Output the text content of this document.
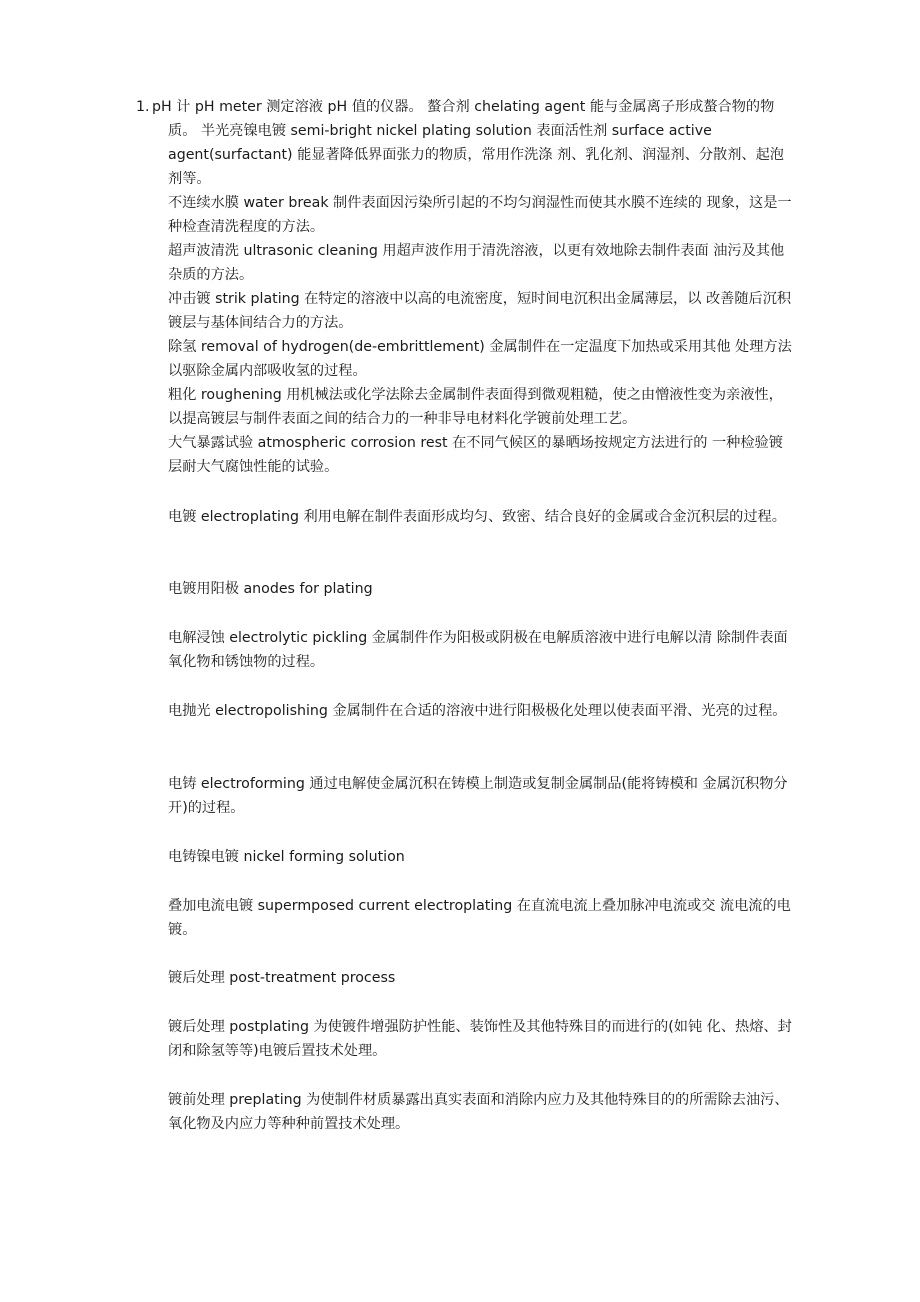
1. pH 计 pH meter 测定溶液 pH 值的仪器。 螯合剂 chelating agent 能与金属离子形成螯合物的物质。 半光亮镍电镀 semi-bright nickel plating solution 表面活性剂 surface active agent(surfactant) 能显著降低界面张力的物质，常用作洗涤 剂、乳化剂、润湿剂、分散剂、起泡剂等。
不连续水膜 water break 制件表面因污染所引起的不均匀润湿性而使其水膜不连续的 现象，这是一种检查清洗程度的方法。
超声波清洗 ultrasonic cleaning 用超声波作用于清洗溶液，以更有效地除去制件表面 油污及其他杂质的方法。
冲击镀 strik plating 在特定的溶液中以高的电流密度，短时间电沉积出金属薄层，以 改善随后沉积镀层与基体间结合力的方法。
除氢 removal of hydrogen(de-embrittlement) 金属制件在一定温度下加热或采用其他 处理方法以驱除金属内部吸收氢的过程。
粗化 roughening 用机械法或化学法除去金属制件表面得到微观粗糙，使之由憎液性变为亲液性，以提高镀层与制件表面之间的结合力的一种非导电材料化学镀前处理工艺。
大气暴露试验 atmospheric corrosion rest 在不同气候区的暴晒场按规定方法进行的 一种检验镀层耐大气腐蚀性能的试验。
电镀 electroplating 利用电解在制件表面形成均匀、致密、结合良好的金属或合金沉积层的过程。
电镀用阳极 anodes for plating
电解浸蚀 electrolytic pickling 金属制件作为阳极或阴极在电解质溶液中进行电解以清 除制件表面氧化物和锈蚀物的过程。
电抛光 electropolishing 金属制件在合适的溶液中进行阳极极化处理以使表面平滑、光亮的过程。
电铸 electroforming 通过电解使金属沉积在铸模上制造或复制金属制品(能将铸模和 金属沉积物分开)的过程。
电铸镍电镀 nickel forming solution
叠加电流电镀 supermposed current electroplating 在直流电流上叠加脉冲电流或交 流电流的电镀。
镀后处理 post-treatment process
镀后处理 postplating 为使镀件增强防护性能、装饰性及其他特殊目的而进行的(如钝 化、热熔、封闭和除氢等等)电镀后置技术处理。
镀前处理 preplating 为使制件材质暴露出真实表面和消除内应力及其他特殊目的的所需除去油污、氧化物及内应力等种种前置技术处理。
